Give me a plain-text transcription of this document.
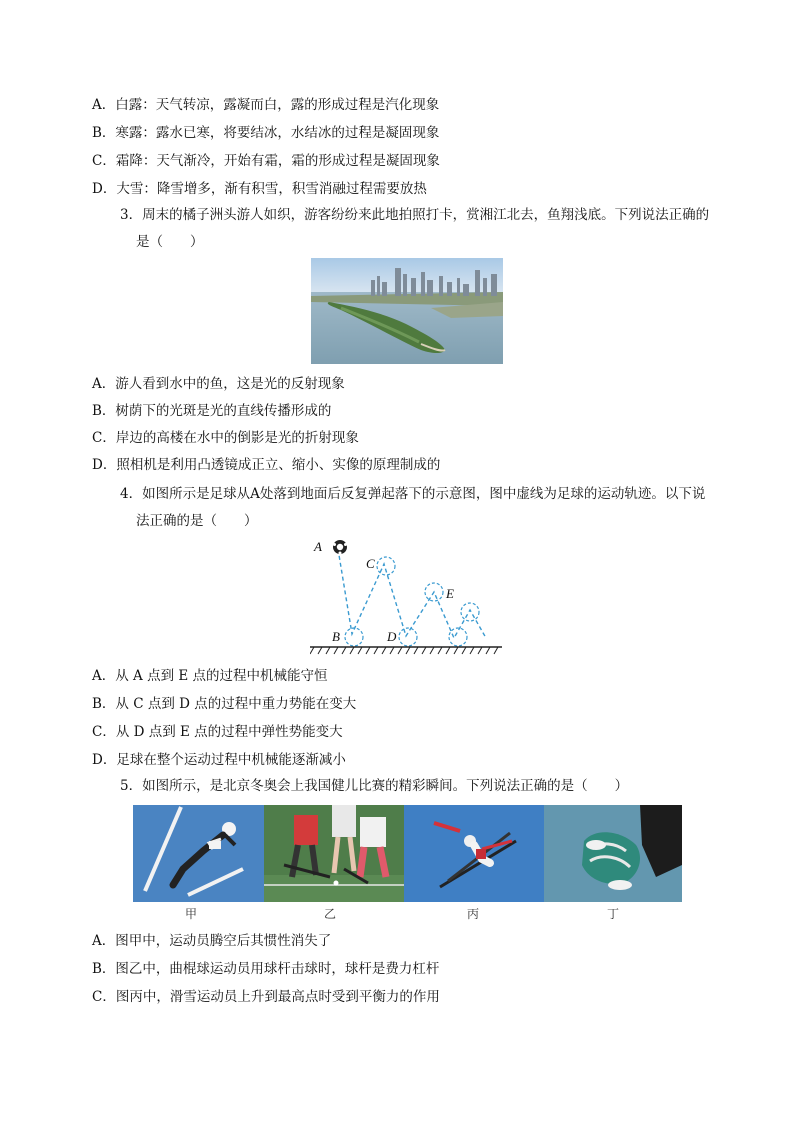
A．白露：天气转凉，露凝而白，露的形成过程是汽化现象
B．寒露：露水已寒，将要结冰，水结冰的过程是凝固现象
C．霜降：天气渐冷，开始有霜，霜的形成过程是凝固现象
D．大雪：降雪增多，渐有积雪，积雪消融过程需要放热
3．周末的橘子洲头游人如织，游客纷纷来此地拍照打卡，赏湘江北去，鱼翔浅底。下列说法正确的
是（　　）
A．游人看到水中的鱼，这是光的反射现象
B．树荫下的光斑是光的直线传播形成的
C．岸边的高楼在水中的倒影是光的折射现象
D．照相机是利用凸透镜成正立、缩小、实像的原理制成的
4．如图所示是足球从A处落到地面后反复弹起落下的示意图，图中虚线为足球的运动轨迹。以下说
法正确的是（　　）
A
C
B	D
E
A．从 A 点到 E 点的过程中机械能守恒
B．从 C 点到 D 点的过程中重力势能在变大
C．从 D 点到 E 点的过程中弹性势能变大
D．足球在整个运动过程中机械能逐渐减小
5．如图所示，是北京冬奥会上我国健儿比赛的精彩瞬间。下列说法正确的是（　　）
甲	乙	丙	丁
A．图甲中，运动员腾空后其惯性消失了
B．图乙中，曲棍球运动员用球杆击球时，球杆是费力杠杆
C．图丙中，滑雪运动员上升到最高点时受到平衡力的作用
